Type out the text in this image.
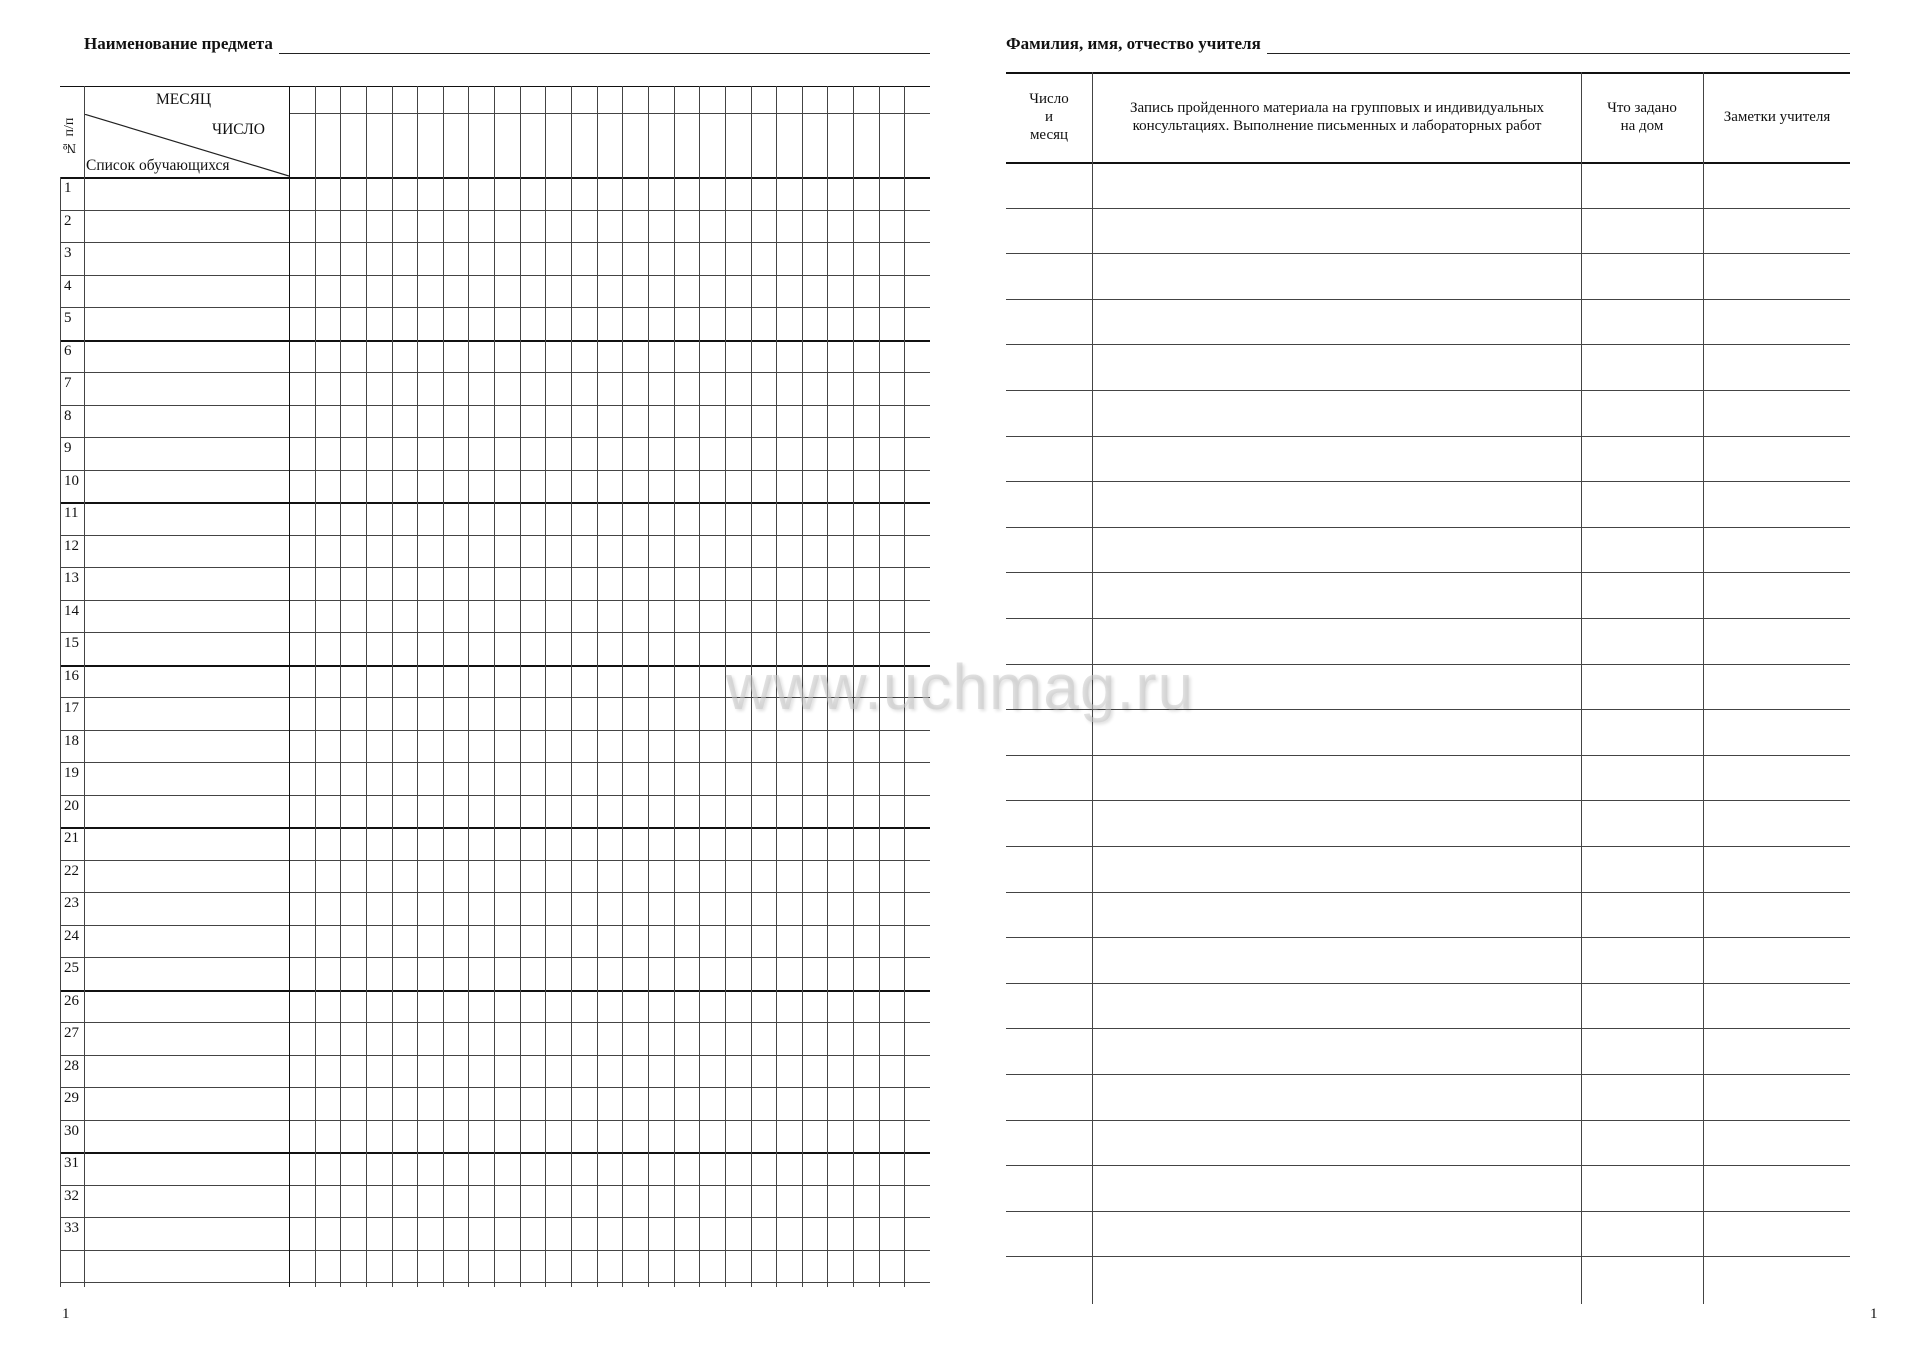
Наименование предмета
№ п/п
МЕСЯЦ
ЧИСЛО
Список обучающихся
1
2
3
4
5
6
7
8
9
10
11
12
13
14
15
16
17
18
19
20
21
22
23
24
25
26
27
28
29
30
31
32
33
1
Фамилия, имя, отчество учителя
Число
и
месяц
Запись пройденного материала на групповых и индивидуальных консультациях. Выполнение письменных и лабораторных работ
Что задано
на дом
Заметки учителя
1
www.uchmag.ru
